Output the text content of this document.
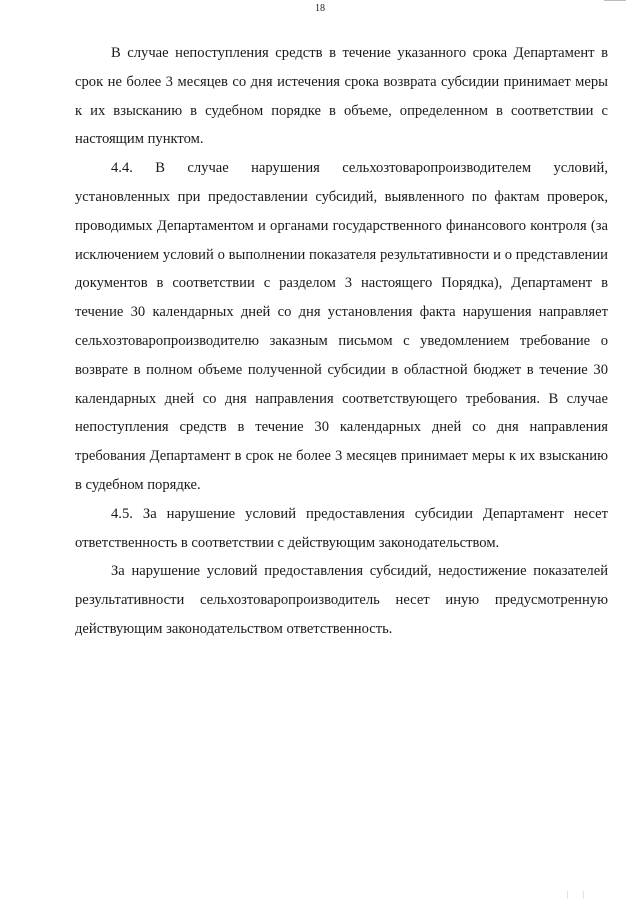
18

В случае непоступления средств в течение указанного срока Департамент в срок не более 3 месяцев со дня истечения срока возврата субсидии принимает меры к их взысканию в судебном порядке в объеме, определенном в соответствии с настоящим пунктом.

4.4. В случае нарушения сельхозтоваропроизводителем условий, установленных при предоставлении субсидий, выявленного по фактам проверок, проводимых Департаментом и органами государственного финансового контроля (за исключением условий о выполнении показателя результативности и о представлении документов в соответствии с разделом 3 настоящего Порядка), Департамент в течение 30 календарных дней со дня установления факта нарушения направляет сельхозтоваропроизводителю заказным письмом с уведомлением требование о возврате в полном объеме полученной субсидии в областной бюджет в течение 30 календарных дней со дня направления соответствующего требования. В случае непоступления средств в течение 30 календарных дней со дня направления требования Департамент в срок не более 3 месяцев принимает меры к их взысканию в судебном порядке.

4.5. За нарушение условий предоставления субсидии Департамент несет ответственность в соответствии с действующим законодательством.

За нарушение условий предоставления субсидий, недостижение показателей результативности сельхозтоваропроизводитель несет иную предусмотренную действующим законодательством ответственность.

| |
